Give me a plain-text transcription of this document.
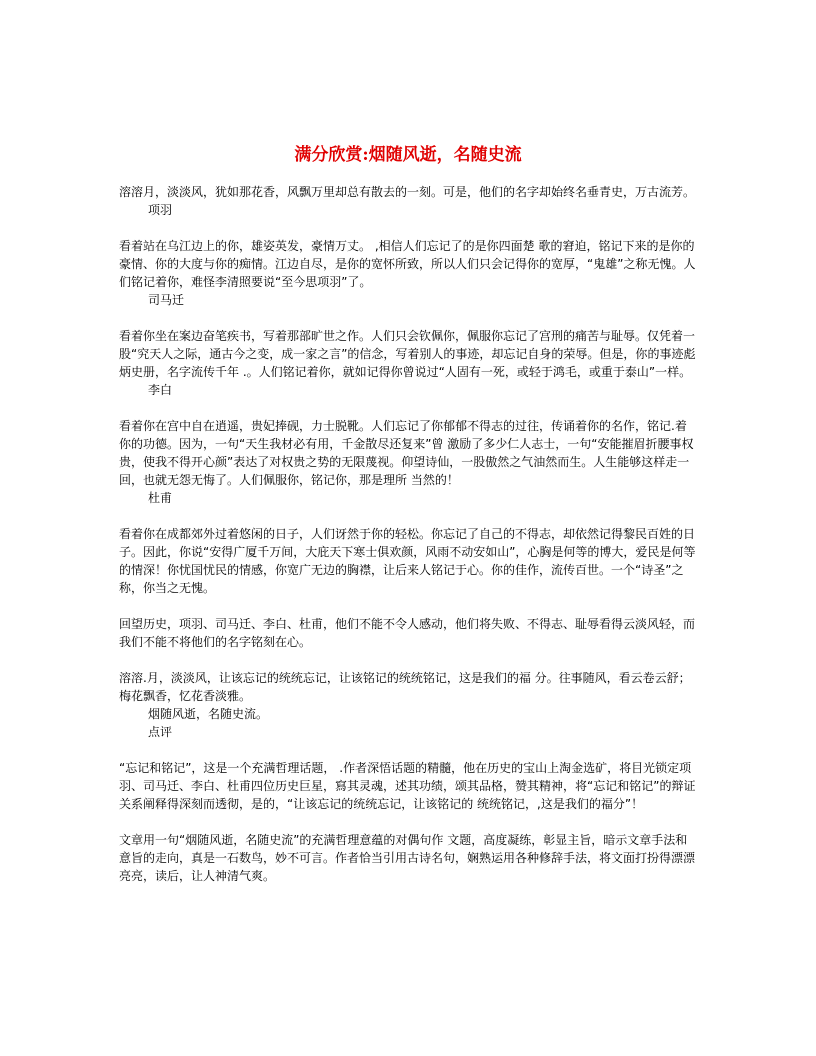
满分欣赏:烟随风逝，名随史流

溶溶月，淡淡风，犹如那花香，风飘万里却总有散去的一刻。可是，他们的名字却始终名垂青史，万古流芳。

项羽

看着站在乌江边上的你，雄姿英发，豪情万丈。 ,相信人们忘记了的是你四面楚 歌的窘迫，铭记下来的是你的豪情、你的大度与你的痴情。江边自尽，是你的宽怀所致，所以人们只会记得你的宽厚，“鬼雄”之称无愧。人们铭记着你，难怪李清照要说“至今思项羽”了。

司马迁

看着你坐在案边奋笔疾书，写着那部旷世之作。人们只会钦佩你，佩服你忘记了宫刑的痛苦与耻辱。仅凭着一股“究天人之际，通古今之变，成一家之言”的信念，写着别人的事迹，却忘记自身的荣辱。但是，你的事迹彪炳史册，名字流传千年 .。人们铭记着你，就如记得你曾说过“人固有一死，或轻于鸿毛，或重于泰山”一样。

李白

看着你在宫中自在逍遥，贵妃捧砚，力士脱靴。人们忘记了你郁郁不得志的过往，传诵着你的名作，铭记.着你的功德。因为，一句“天生我材必有用，千金散尽还复来”曾 激励了多少仁人志士，一句“安能摧眉折腰事权贵，使我不得开心颜”表达了对权贵之势的无限蔑视。仰望诗仙，一股傲然之气油然而生。人生能够这样走一回，也就无怨无悔了。人们佩服你，铭记你，那是理所 当然的！

杜甫

看着你在成都郊外过着悠闲的日子，人们讶然于你的轻松。你忘记了自己的不得志，却依然记得黎民百姓的日子。因此，你说“安得广厦千万间，大庇天下寒士俱欢颜，风雨不动安如山”，心胸是何等的博大，爱民是何等的情深！你忧国忧民的情感，你宽广无边的胸襟，让后来人铭记于心。你的佳作，流传百世。一个“诗圣”之称，你当之无愧。

回望历史，项羽、司马迁、李白、杜甫，他们不能不令人感动，他们将失败、不得志、耻辱看得云淡风轻，而我们不能不将他们的名字铭刻在心。

溶溶.月，淡淡风，让该忘记的统统忘记，让该铭记的统统铭记，这是我们的福 分。往事随风，看云卷云舒；梅花飘香，忆花香淡雅。

烟随风逝，名随史流。

点评

“忘记和铭记”，这是一个充满哲理话题， .作者深悟话题的精髓，他在历史的宝山上淘金选矿，将目光锁定项羽、司马迁、李白、杜甫四位历史巨星，寫其灵魂，述其功绩，颂其品格，赞其精神，将“忘记和铭记”的辩证关系阐释得深刻而透彻，是的，“让该忘记的统统忘记，让该铭记的 统统铭记，,这是我们的福分”！

文章用一句“烟随风逝，名随史流”的充满哲理意蕴的对偶句作 文题，高度凝练，彰显主旨，暗示文章手法和意旨的走向，真是一石数鸟，妙不可言。作者恰当引用古诗名句，娴熟运用各种修辞手法，将文面打扮得漂漂亮亮，读后，让人神清气爽。
